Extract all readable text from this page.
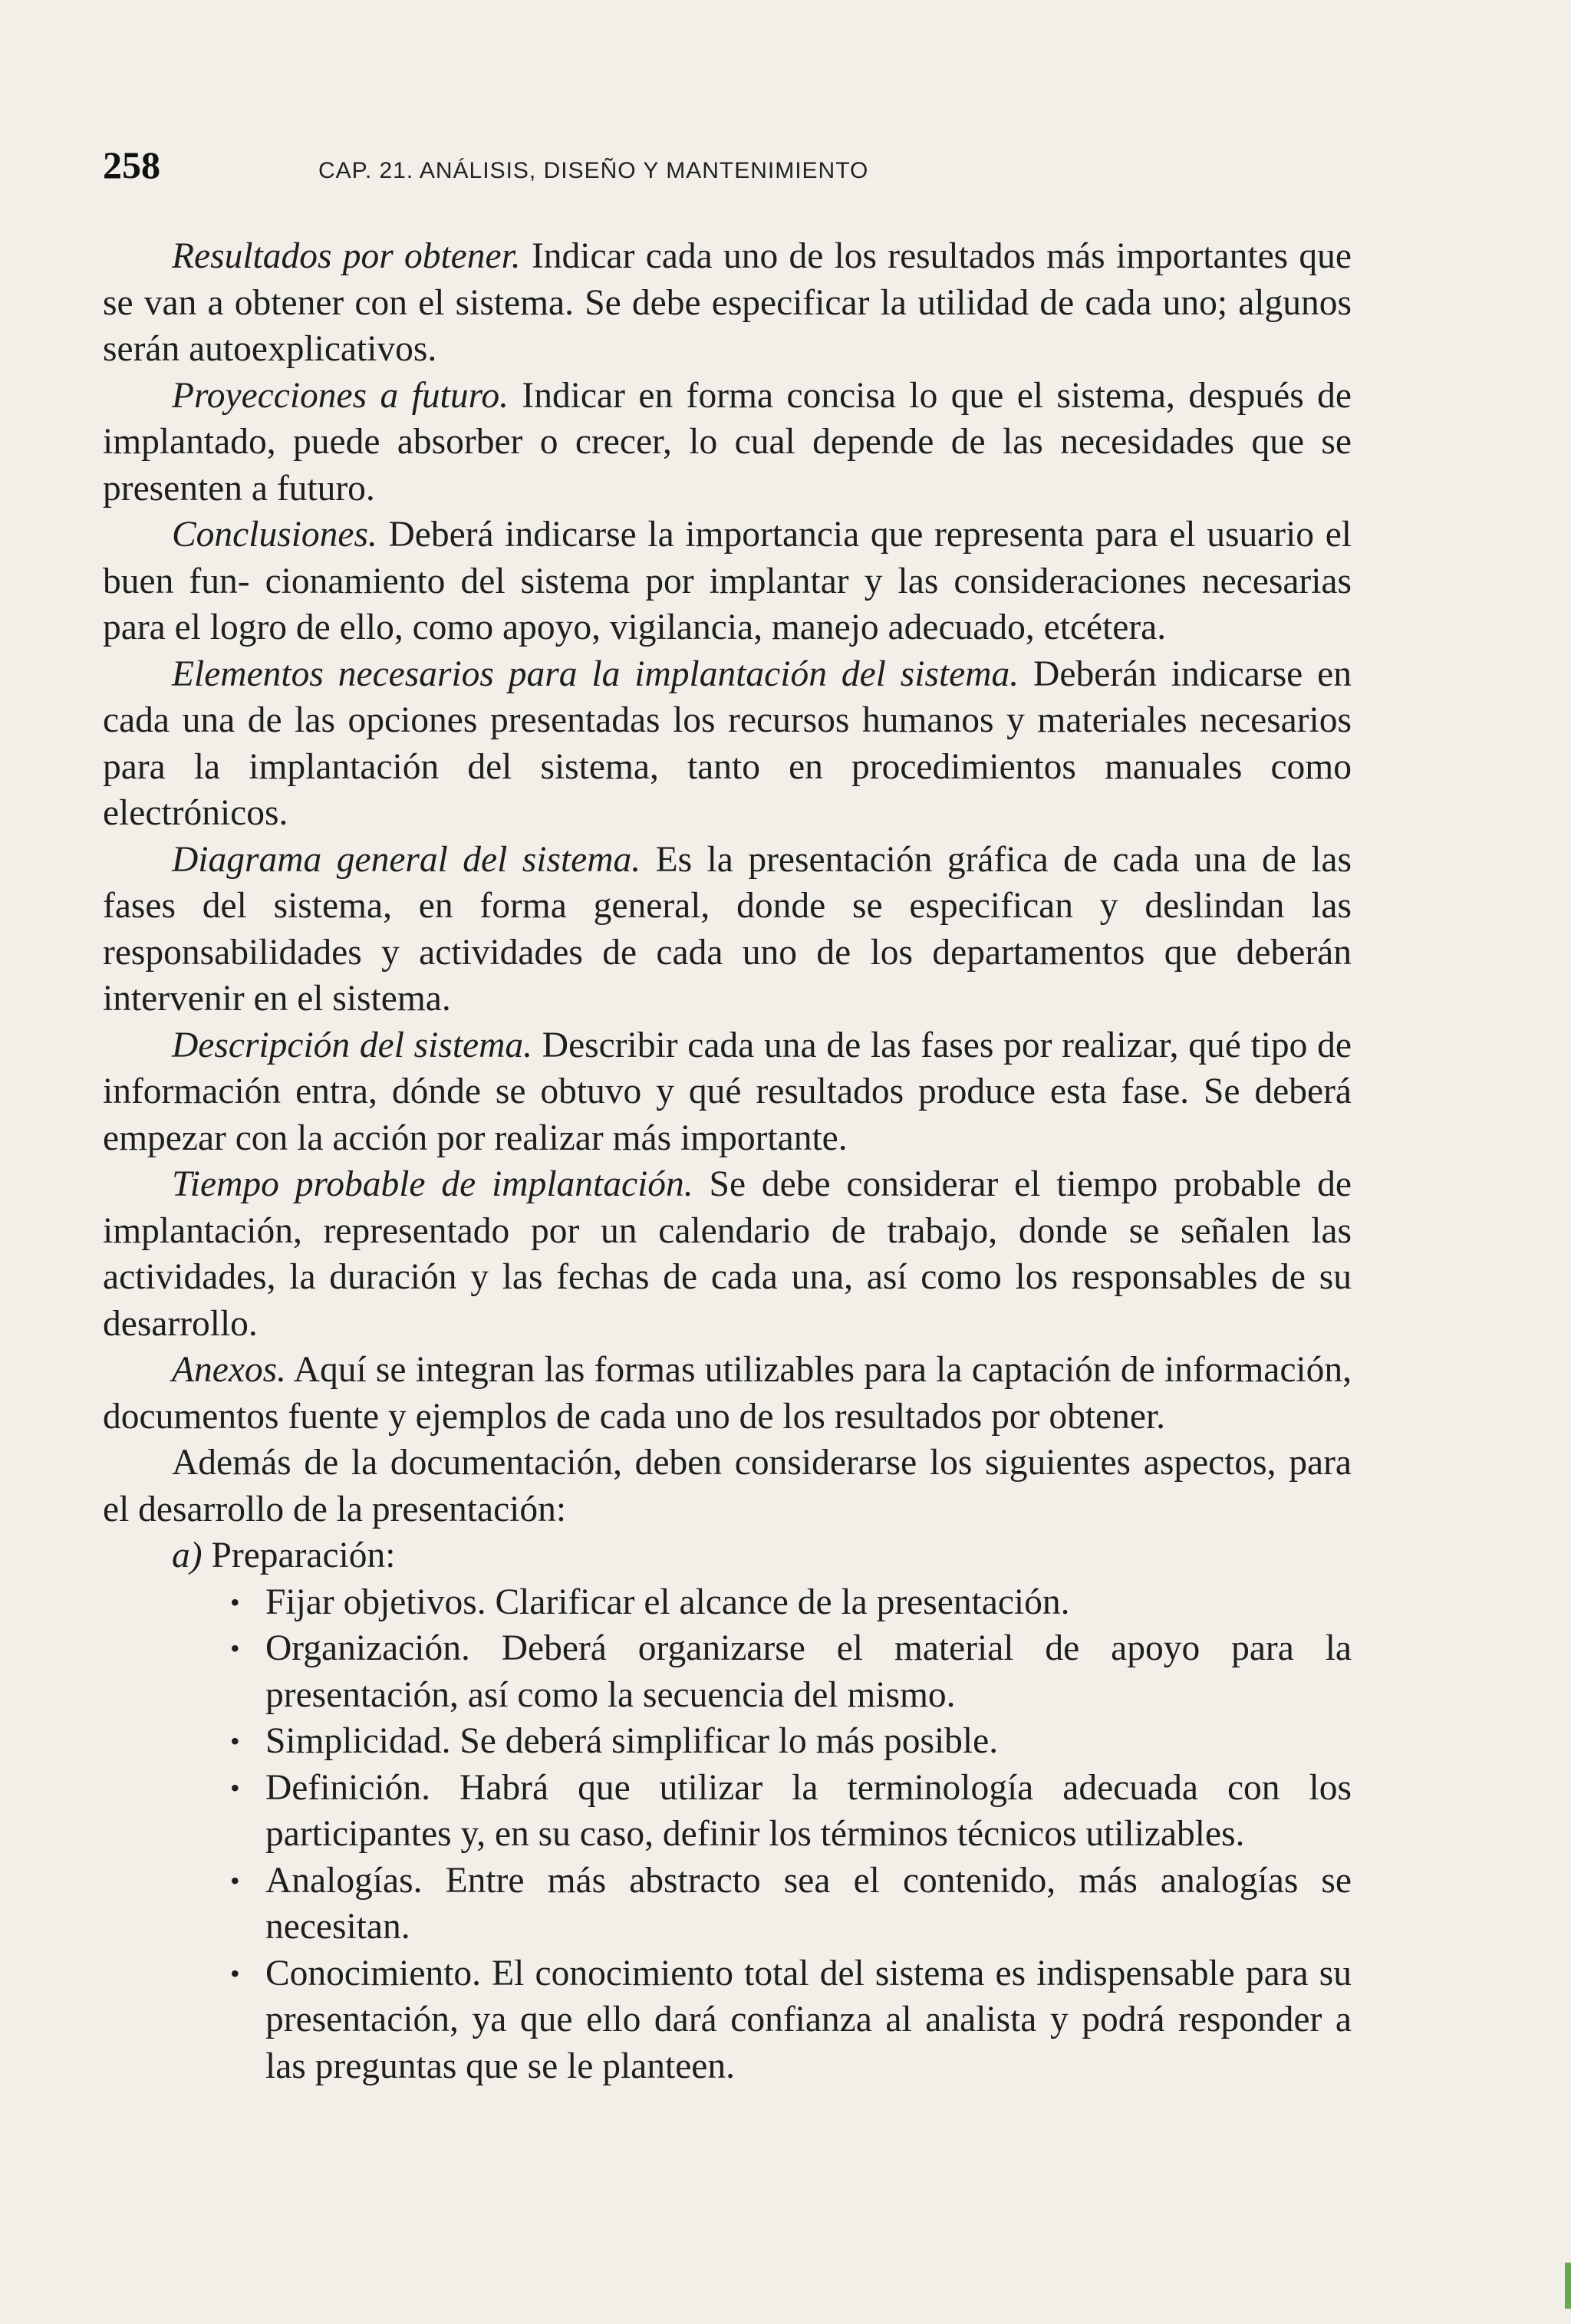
258	CAP. 21. ANÁLISIS, DISEÑO Y MANTENIMIENTO

Resultados por obtener. Indicar cada uno de los resultados más importantes que se van a obtener con el sistema. Se debe especificar la utilidad de cada uno; algunos serán autoexplicativos.

Proyecciones a futuro. Indicar en forma concisa lo que el sistema, después de implantado, puede absorber o crecer, lo cual depende de las necesidades que se presenten a futuro.

Conclusiones. Deberá indicarse la importancia que representa para el usuario el buen fun- cionamiento del sistema por implantar y las consideraciones necesarias para el logro de ello, como apoyo, vigilancia, manejo adecuado, etcétera.

Elementos necesarios para la implantación del sistema. Deberán indicarse en cada una de las opciones presentadas los recursos humanos y materiales necesarios para la implantación del sistema, tanto en procedimientos manuales como electrónicos.

Diagrama general del sistema. Es la presentación gráfica de cada una de las fases del sistema, en forma general, donde se especifican y deslindan las responsabilidades y actividades de cada uno de los departamentos que deberán intervenir en el sistema.

Descripción del sistema. Describir cada una de las fases por realizar, qué tipo de información entra, dónde se obtuvo y qué resultados produce esta fase. Se deberá empezar con la acción por realizar más importante.

Tiempo probable de implantación. Se debe considerar el tiempo probable de implantación, representado por un calendario de trabajo, donde se señalen las actividades, la duración y las fechas de cada una, así como los responsables de su desarrollo.

Anexos. Aquí se integran las formas utilizables para la captación de información, documentos fuente y ejemplos de cada uno de los resultados por obtener.

Además de la documentación, deben considerarse los siguientes aspectos, para el desarrollo de la presentación:

a) Preparación:

• Fijar objetivos. Clarificar el alcance de la presentación.
• Organización. Deberá organizarse el material de apoyo para la presentación, así como la secuencia del mismo.
• Simplicidad. Se deberá simplificar lo más posible.
• Definición. Habrá que utilizar la terminología adecuada con los participantes y, en su caso, definir los términos técnicos utilizables.
• Analogías. Entre más abstracto sea el contenido, más analogías se necesitan.
• Conocimiento. El conocimiento total del sistema es indispensable para su presentación, ya que ello dará confianza al analista y podrá responder a las preguntas que se le planteen.
